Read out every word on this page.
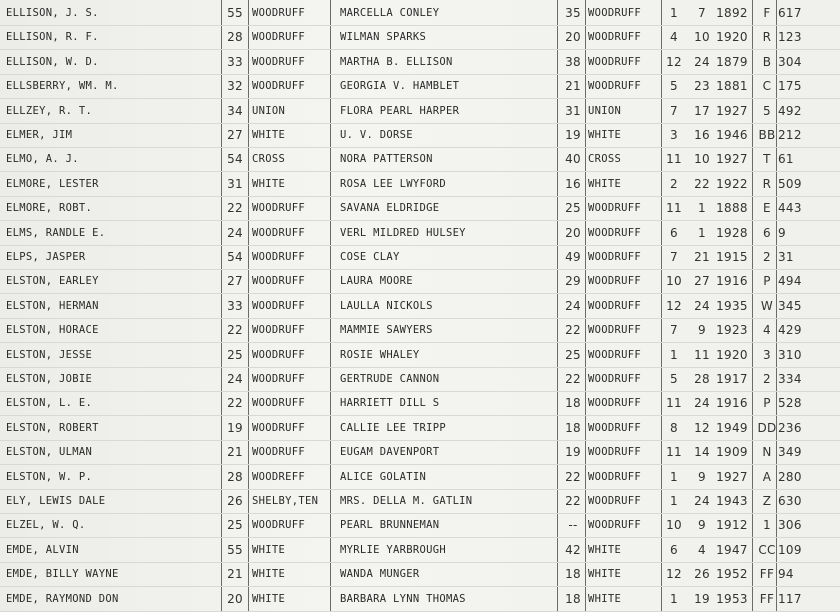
ELLISON, J. S.	55 WOODRUFF	MARCELLA CONLEY	35 WOODRUFF	1	7 1892	F 617
ELLISON, R. F.	28 WOODRUFF	WILMAN SPARKS	20 WOODRUFF	4	10 1920	R 123
ELLISON, W. D.	33 WOODRUFF	MARTHA B. ELLISON	38 WOODRUFF	12	24 1879	B 304
ELLSBERRY, WM. M.	32 WOODRUFF	GEORGIA V. HAMBLET	21 WOODRUFF	5	23 1881	C 175
ELLZEY, R. T.	34 UNION	FLORA PEARL HARPER	31 UNION	7	17 1927	5 492
ELMER, JIM	27 WHITE	U. V. DORSE	19 WHITE	3	16 1946 BB 212
ELMO, A. J.	54 CROSS	NORA PATTERSON	40 CROSS	11	10 1927	T 61
ELMORE, LESTER	31 WHITE	ROSA LEE LWYFORD	16 WHITE	2	22 1922	R 509
ELMORE, ROBT.	22 WOODRUFF	SAVANA ELDRIDGE	25 WOODRUFF	11	1 1888	E 443
ELMS, RANDLE E.	24 WOODRUFF	VERL MILDRED HULSEY	20 WOODRUFF	6	1 1928	6 9
ELPS, JASPER	54 WOODRUFF	COSE CLAY	49 WOODRUFF	7	21 1915	2 31
ELSTON, EARLEY	27 WOODRUFF	LAURA MOORE	29 WOODRUFF	10	27 1916	P 494
ELSTON, HERMAN	33 WOODRUFF	LAULLA NICKOLS	24 WOODRUFF	12	24 1935	W 345
ELSTON, HORACE	22 WOODRUFF	MAMMIE SAWYERS	22 WOODRUFF	7	9 1923	4 429
ELSTON, JESSE	25 WOODRUFF	ROSIE WHALEY	25 WOODRUFF	1	11 1920	3 310
ELSTON, JOBIE	24 WOODRUFF	GERTRUDE CANNON	22 WOODRUFF	5	28 1917	2 334
ELSTON, L. E.	22 WOODRUFF	HARRIETT DILL S	18 WOODRUFF	11	24 1916	P 528
ELSTON, ROBERT	19 WOODRUFF	CALLIE LEE TRIPP	18 WOODRUFF	8	12 1949 DD 236
ELSTON, ULMAN	21 WOODRUFF	EUGAM DAVENPORT	19 WOODRUFF	11	14 1909	N 349
ELSTON, W. P.	28 WOODREFF	ALICE GOLATIN	22 WOODRUFF	1	9 1927	A 280
ELY, LEWIS DALE	26 SHELBY,TEN	MRS. DELLA M. GATLIN	22 WOODRUFF	1	24 1943	Z 630
ELZEL, W. Q.	25 WOODRUFF	PEARL BRUNNEMAN	-- WOODRUFF	10	9 1912	1 306
EMDE, ALVIN	55 WHITE	MYRLIE YARBROUGH	42 WHITE	6	4 1947 CC 109
EMDE, BILLY WAYNE	21 WHITE	WANDA MUNGER	18 WHITE	12	26 1952 FF 94
EMDE, RAYMOND DON	20 WHITE	BARBARA LYNN THOMAS	18 WHITE	1	19 1953 FF 117
